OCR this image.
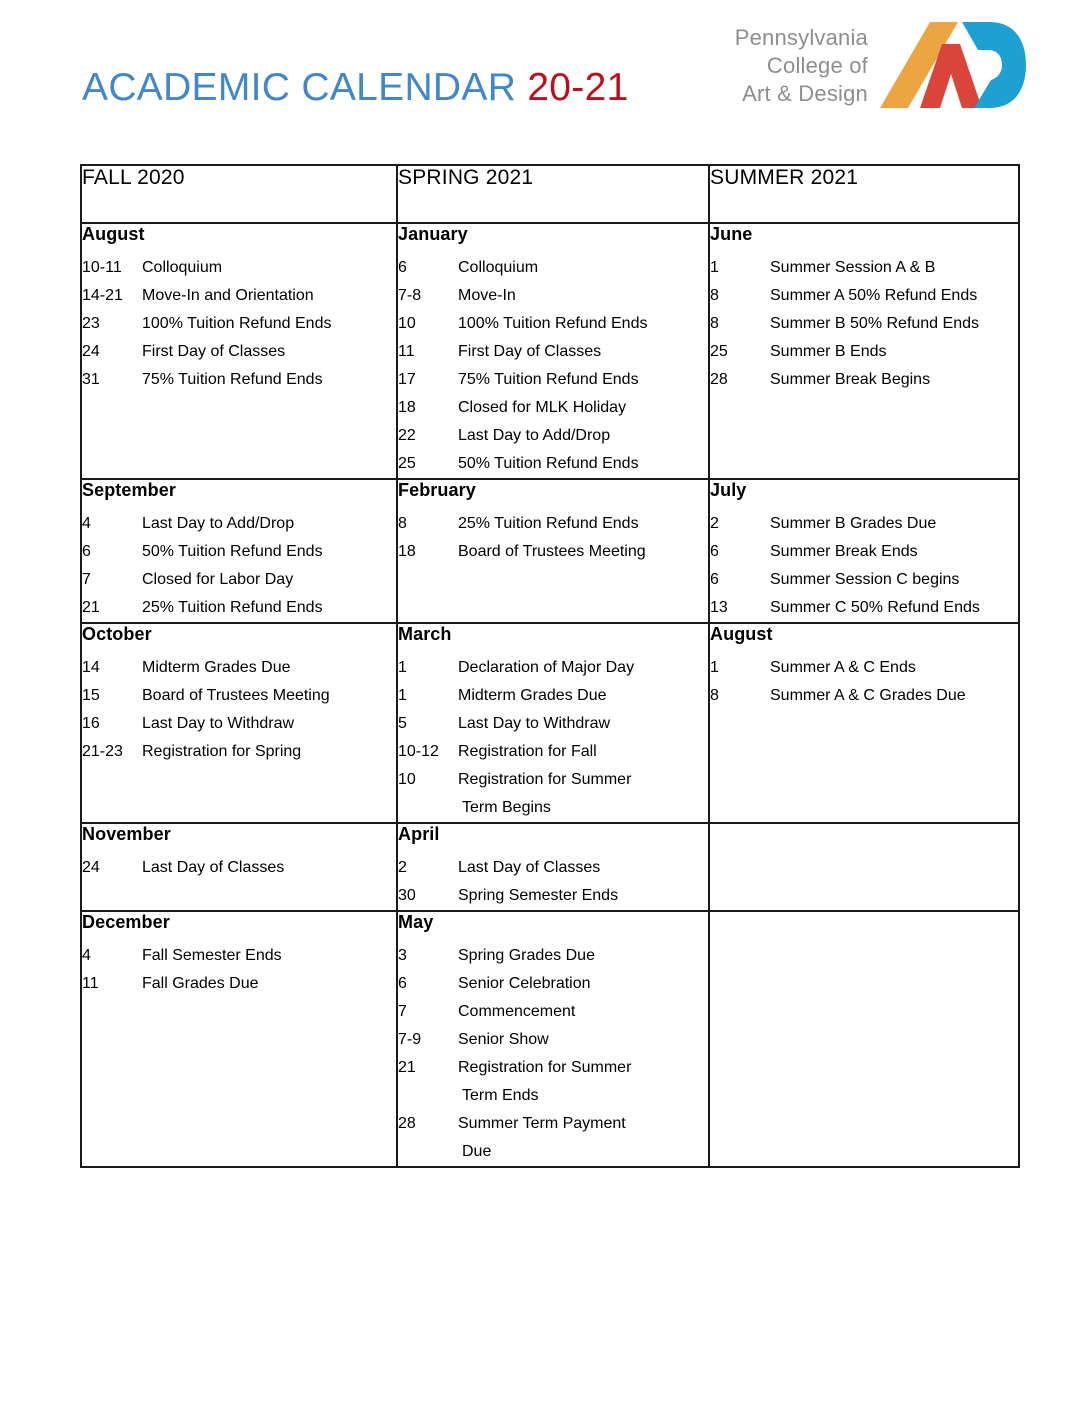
ACADEMIC CALENDAR 20-21
Pennsylvania
College of
Art & Design
FALL 2020	SPRING 2021	SUMMER 2021

August
10-11	Colloquium
14-21	Move-In and Orientation
23	100% Tuition Refund Ends
24	First Day of Classes
31	75% Tuition Refund Ends

January
6	Colloquium
7-8	Move-In
10	100% Tuition Refund Ends
11	First Day of Classes
17	75% Tuition Refund Ends
18	Closed for MLK Holiday
22	Last Day to Add/Drop
25	50% Tuition Refund Ends

June
1	Summer Session A & B
8	Summer A 50% Refund Ends
8	Summer B 50% Refund Ends
25	Summer B Ends
28	Summer Break Begins

September
4	Last Day to Add/Drop
6	50% Tuition Refund Ends
7	Closed for Labor Day
21	25% Tuition Refund Ends

February
8	25% Tuition Refund Ends
18	Board of Trustees Meeting

July
2	Summer B Grades Due
6	Summer Break Ends
6	Summer Session C begins
13	Summer C 50% Refund Ends

October
14	Midterm Grades Due
15	Board of Trustees Meeting
16	Last Day to Withdraw
21-23	Registration for Spring

March
1	Declaration of Major Day
1	Midterm Grades Due
5	Last Day to Withdraw
10-12	Registration for Fall
10	Registration for Summer
Term Begins

August
1	Summer A & C Ends
8	Summer A & C Grades Due

November
24	Last Day of Classes

April
2	Last Day of Classes
30	Spring Semester Ends

December
4	Fall Semester Ends
11	Fall Grades Due

May
3	Spring Grades Due
6	Senior Celebration
7	Commencement
7-9	Senior Show
21	Registration for Summer
Term Ends
28	Summer Term Payment
Due
